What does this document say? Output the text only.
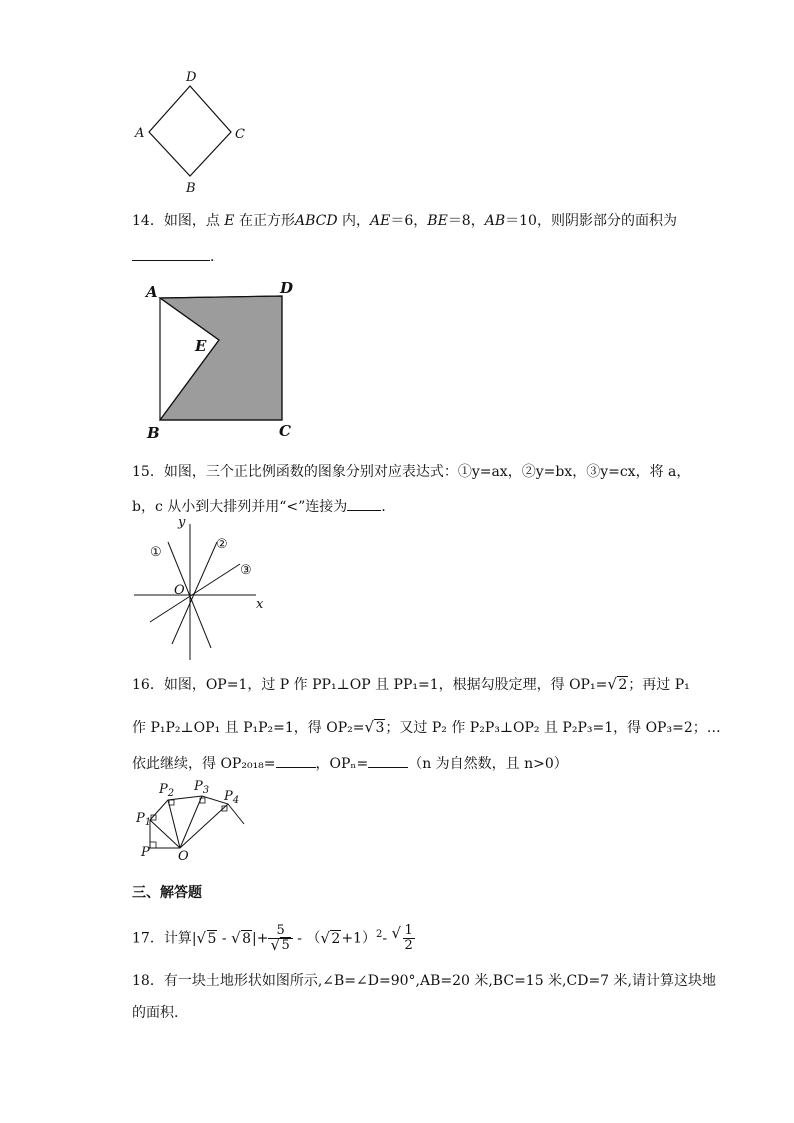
D
A	C
B
14．如图，点 E 在正方形ABCD 内，AE＝6，BE＝8，AB＝10，则阴影部分的面积为
．
A	D
E
B	C
15．如图，三个正比例函数的图象分别对应表达式：①y=ax，②y=bx，③y=cx，将 a，
b，c 从小到大排列并用“<”连接为 ．
y
x
O
①
②
③
16．如图，OP=1，过 P 作 PP₁⊥OP 且 PP₁=1，根据勾股定理，得 OP₁= √ 2；再过 P₁
作 P₁P₂⊥OP₁ 且 P₁P₂=1，得 OP₂= √ 3；又过 P₂ 作 P₂P₃⊥OP₂ 且 P₂P₃=1，得 OP₃=2；…
依此继续，得 OP₂₀₁₈=	，OPₙ=	（n 为自然数，且 n>0）
P
$P_1$
$P_2$ $P_3$ $P_4$
O
三、解答题
17．计算| √ 5 - √ 8|+ 5
√ 5 - （ √ 2+1）$^2$- √ $\frac{1}{2}$
18．有一块土地形状如图所示,∠B=∠D=90°,AB=20 米,BC=15 米,CD=7 米,请计算这块地
的面积.
